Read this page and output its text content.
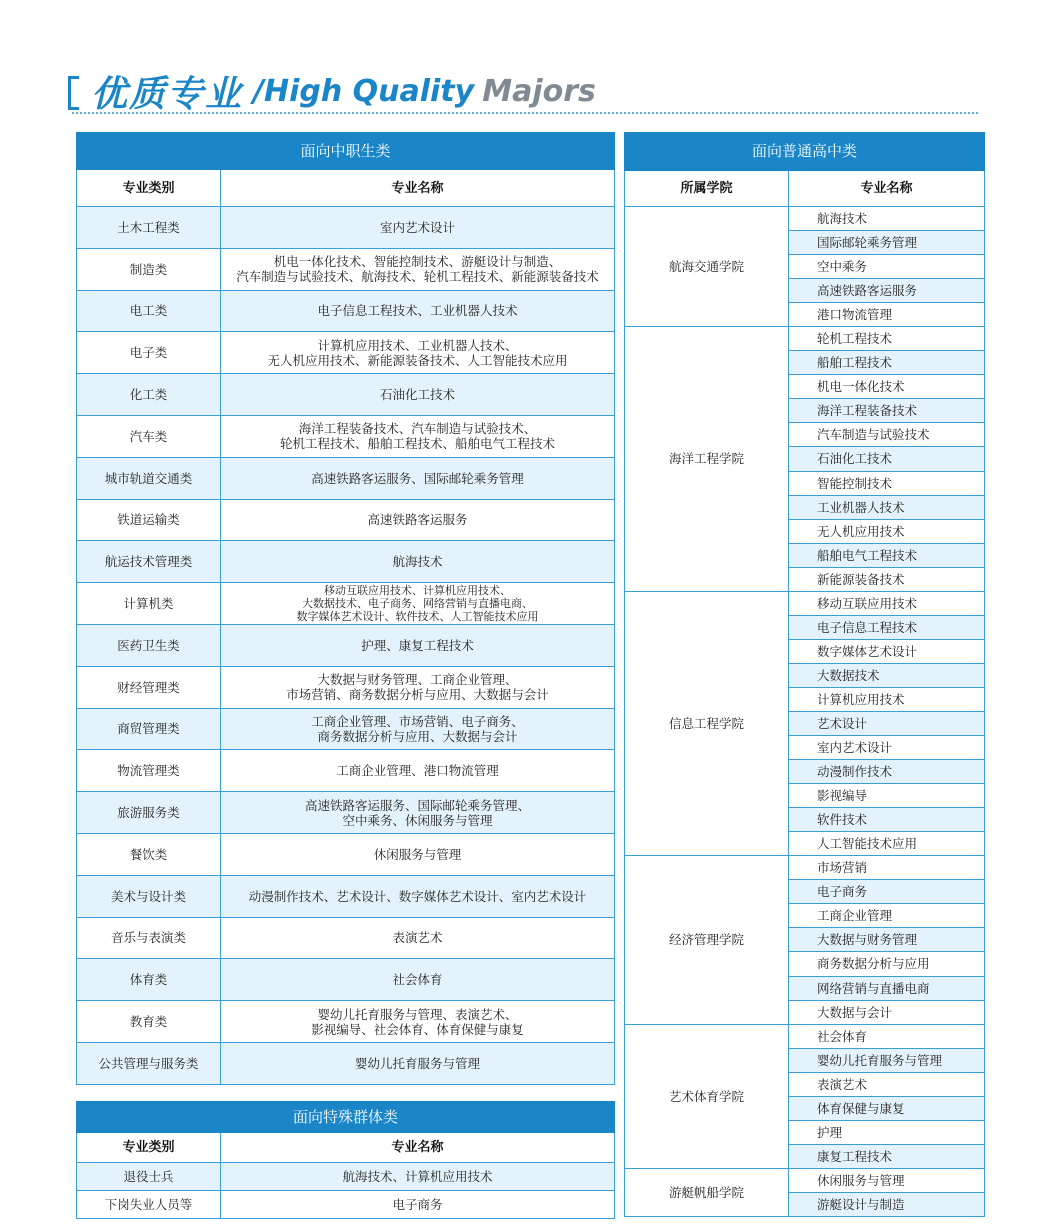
优质专业 /High Quality Majors
面向中职生类	
专业类别	专业名称
土木工程类	室内艺术设计
制造类	机电一体化技术、智能控制技术、游艇设计与制造、
汽车制造与试验技术、航海技术、轮机工程技术、新能源装备技术
电工类	电子信息工程技术、工业机器人技术
电子类	计算机应用技术、工业机器人技术、
无人机应用技术、新能源装备技术、人工智能技术应用
化工类	石油化工技术
汽车类	海洋工程装备技术、汽车制造与试验技术、
轮机工程技术、船舶工程技术、船舶电气工程技术
城市轨道交通类	高速铁路客运服务、国际邮轮乘务管理
铁道运输类	高速铁路客运服务
航运技术管理类	航海技术
计算机类	移动互联应用技术、计算机应用技术、
大数据技术、电子商务、网络营销与直播电商、
数字媒体艺术设计、软件技术、人工智能技术应用
医药卫生类	护理、康复工程技术
财经管理类	大数据与财务管理、工商企业管理、
市场营销、商务数据分析与应用、大数据与会计
商贸管理类	工商企业管理、市场营销、电子商务、
商务数据分析与应用、大数据与会计
物流管理类	工商企业管理、港口物流管理
旅游服务类	高速铁路客运服务、国际邮轮乘务管理、
空中乘务、休闲服务与管理
餐饮类	休闲服务与管理
美术与设计类	动漫制作技术、艺术设计、数字媒体艺术设计、室内艺术设计
音乐与表演类	表演艺术
体育类	社会体育
教育类	婴幼儿托育服务与管理、表演艺术、
影视编导、社会体育、体育保健与康复
公共管理与服务类	婴幼儿托育服务与管理
面向特殊群体类	
专业类别	专业名称
退役士兵	航海技术、计算机应用技术
下岗失业人员等	电子商务
面向普通高中类	
所属学院	专业名称
航海交通学院	航海技术
	国际邮轮乘务管理
	空中乘务
	高速铁路客运服务
	港口物流管理
海洋工程学院	轮机工程技术
	船舶工程技术
	机电一体化技术
	海洋工程装备技术
	汽车制造与试验技术
	石油化工技术
	智能控制技术
	工业机器人技术
	无人机应用技术
	船舶电气工程技术
	新能源装备技术
信息工程学院	移动互联应用技术
	电子信息工程技术
	数字媒体艺术设计
	大数据技术
	计算机应用技术
	艺术设计
	室内艺术设计
	动漫制作技术
	影视编导
	软件技术
	人工智能技术应用
经济管理学院	市场营销
	电子商务
	工商企业管理
	大数据与财务管理
	商务数据分析与应用
	网络营销与直播电商
	大数据与会计
艺术体育学院	社会体育
	婴幼儿托育服务与管理
	表演艺术
	体育保健与康复
	护理
	康复工程技术
游艇帆船学院	休闲服务与管理
	游艇设计与制造
